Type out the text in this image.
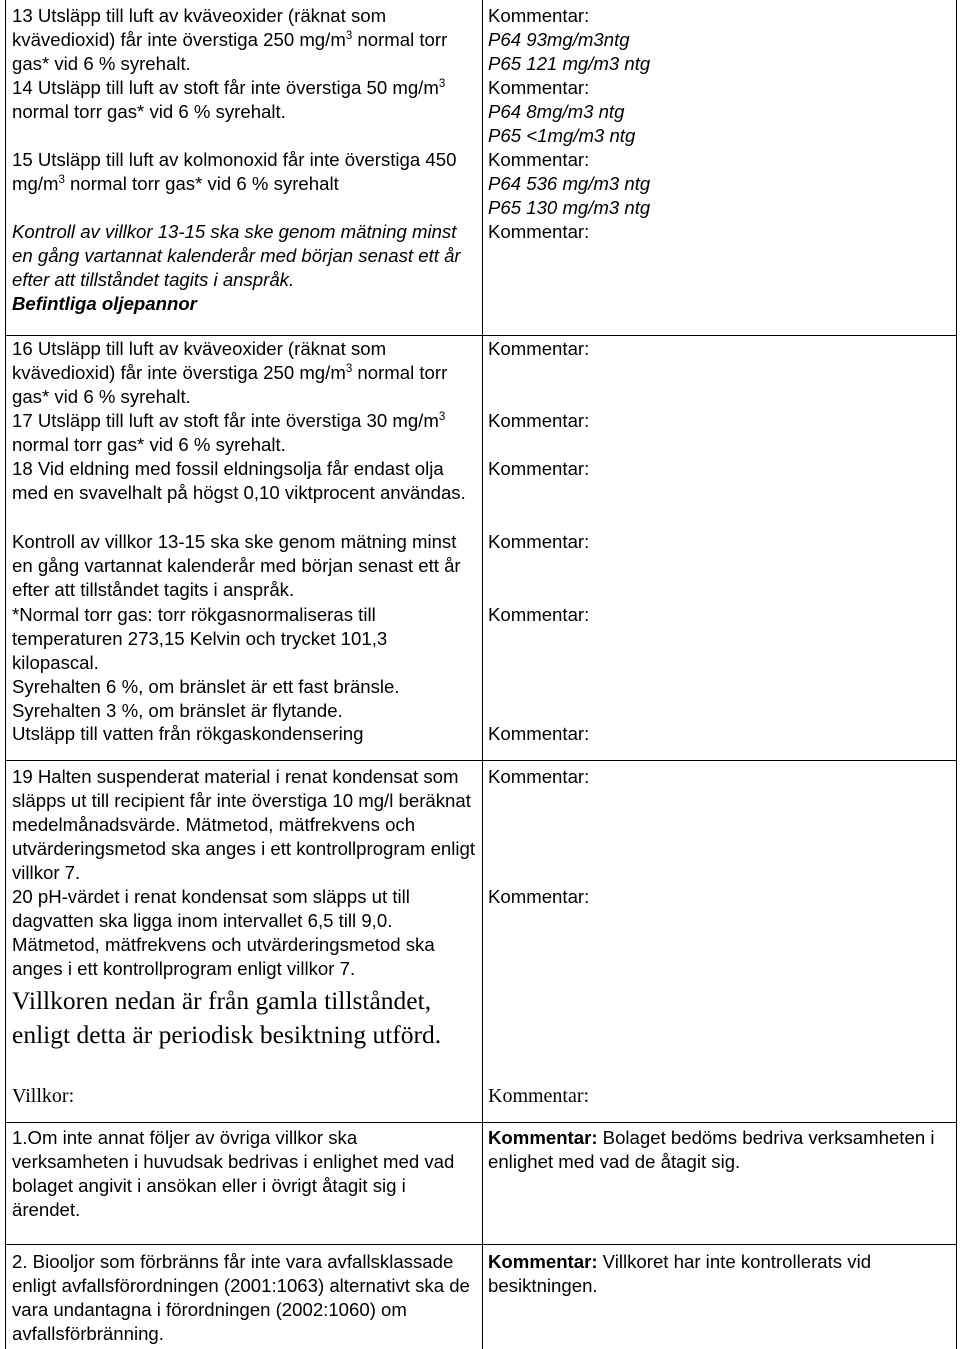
13 Utsläpp till luft av kväveoxider (räknat som kvävedioxid) får inte överstiga 250 $mg/m^3$ normal torr gas* vid 6 % syrehalt.

Kommentar:

P64 93mg/m3ntg
P65 121 mg/m3 ntg

14 Utsläpp till luft av stoft får inte överstiga 50 $mg/m^3$ normal torr gas* vid 6 % syrehalt.

Kommentar:

P64 8mg/m3 ntg
P65 <1mg/m3 ntg

15 Utsläpp till luft av kolmonoxid får inte överstiga 450 $mg/m^3$ normal torr gas* vid 6 % syrehalt

Kommentar:

P64 536 mg/m3 ntg
P65 130 mg/m3 ntg

Kontroll av villkor 13-15 ska ske genom mätning minst en gång vartannat kalenderår med början senast ett år efter att tillståndet tagits i anspråk.

Befintliga oljepannor

Kommentar:

16 Utsläpp till luft av kväveoxider (räknat som kvävedioxid) får inte överstiga 250 $mg/m^3$ normal torr gas* vid 6 % syrehalt.

Kommentar:

17 Utsläpp till luft av stoft får inte överstiga 30 $mg/m^3$ normal torr gas* vid 6 % syrehalt.

Kommentar:

18 Vid eldning med fossil eldningsolja får endast olja med en svavelhalt på högst 0,10 viktprocent användas.

Kommentar:

Kontroll av villkor 13-15 ska ske genom mätning minst en gång vartannat kalenderår med början senast ett år efter att tillståndet tagits i anspråk.

Kommentar:

*Normal torr gas: torr rökgasnormaliseras till temperaturen 273,15 Kelvin och trycket 101,3 kilopascal.

Syrehalten 6 %, om bränslet är ett fast bränsle.

Syrehalten 3 %, om bränslet är flytande.

Kommentar:

Utsläpp till vatten från rökgaskondensering	Kommentar:

19 Halten suspenderat material i renat kondensat som släpps ut till recipient får inte överstiga 10 mg/l beräknat medelmånadsvärde. Mätmetod, mätfrekvens och utvärderingsmetod ska anges i ett kontrollprogram enligt villkor 7.

Kommentar:

20 pH-värdet i renat kondensat som släpps ut till dagvatten ska ligga inom intervallet 6,5 till 9,0. Mätmetod, mätfrekvens och utvärderingsmetod ska anges i ett kontrollprogram enligt villkor 7.

Kommentar:

Villkoren nedan är från gamla tillståndet, enligt detta är periodisk besiktning utförd.

Villkor:	Kommentar:

1.Om inte annat följer av övriga villkor ska verksamheten i huvudsak bedrivas i enlighet med vad bolaget angivit i ansökan eller i övrigt åtagit sig i ärendet.

Kommentar: Bolaget bedöms bedriva verksamheten i enlighet med vad de åtagit sig.

2. Biooljor som förbränns får inte vara avfallsklassade enligt avfallsförordningen (2001:1063) alternativt ska de vara undantagna i förordningen (2002:1060) om avfallsförbränning.

Kommentar: Villkoret har inte kontrollerats vid besiktningen.
